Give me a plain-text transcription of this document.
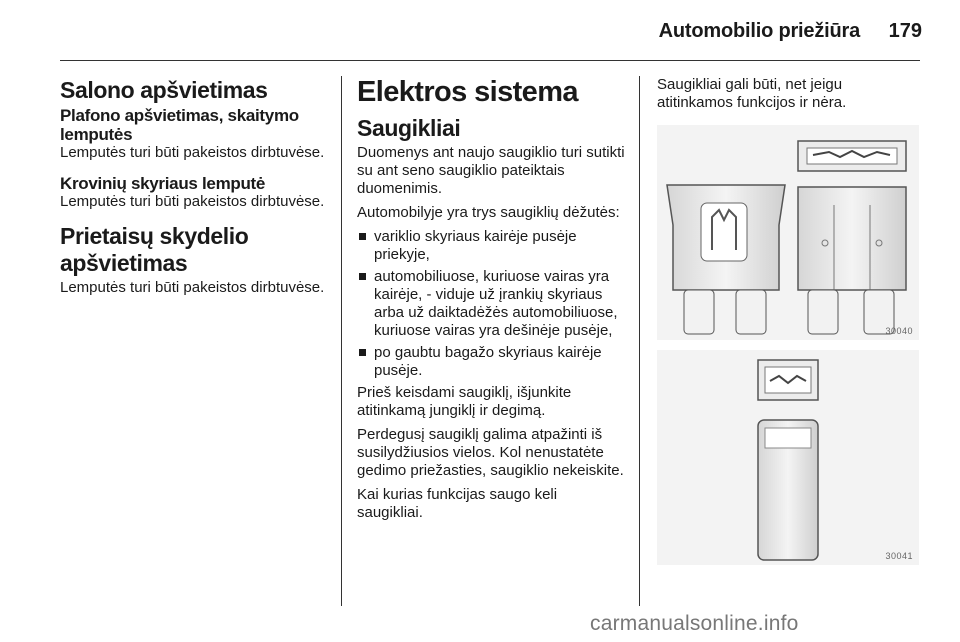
Automobilio priežiūra 179
Salono apšvietimas
Plafono apšvietimas, skaitymo lemputės

Lemputės turi būti pakeistos dirbtuvėse.

Krovinių skyriaus lemputė

Lemputės turi būti pakeistos dirbtuvėse.

Prietaisų skydelio apšvietimas

Lemputės turi būti pakeistos dirbtuvėse.

Elektros sistema
Saugikliai

Duomenys ant naujo saugiklio turi sutikti su ant seno saugiklio pateiktais duomenimis.

Automobilyje yra trys saugiklių dėžutės:

variklio skyriaus kairėje pusėje priekyje,
automobiliuose, kuriuose vairas yra kairėje, - viduje už įrankių skyriaus arba už daiktadėžės automobiliuose, kuriuose vairas yra dešinėje pusėje,
po gaubtu bagažo skyriaus kairėje pusėje.

Prieš keisdami saugiklį, išjunkite atitinkamą jungiklį ir degimą.

Perdegusį saugiklį galima atpažinti iš susilydžiusios vielos. Kol nenustatėte gedimo priežasties, saugiklio nekeiskite.

Kai kurias funkcijas saugo keli saugikliai.

Saugikliai gali būti, net jeigu atitinkamos funkcijos ir nėra.

30040
30041
carmanualsonline.info
